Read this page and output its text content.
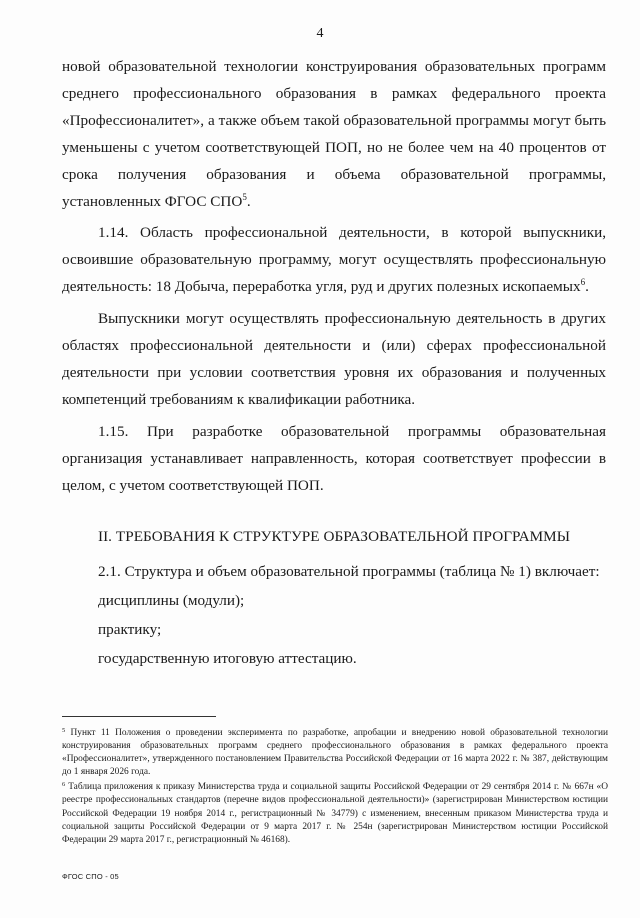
4

новой образовательной технологии конструирования образовательных программ среднего профессионального образования в рамках федерального проекта «Профессионалитет», а также объем такой образовательной программы могут быть уменьшены с учетом соответствующей ПОП, но не более чем на 40 процентов от срока получения образования и объема образовательной программы, установленных ФГОС СПО$^5$.

1.14. Область профессиональной деятельности, в которой выпускники, освоившие образовательную программу, могут осуществлять профессиональную деятельность: 18 Добыча, переработка угля, руд и других полезных ископаемых$^6$.

Выпускники могут осуществлять профессиональную деятельность в других областях профессиональной деятельности и (или) сферах профессиональной деятельности при условии соответствия уровня их образования и полученных компетенций требованиям к квалификации работника.

1.15. При разработке образовательной программы образовательная организация устанавливает направленность, которая соответствует профессии в целом, с учетом соответствующей ПОП.

II. ТРЕБОВАНИЯ К СТРУКТУРЕ ОБРАЗОВАТЕЛЬНОЙ ПРОГРАММЫ

2.1. Структура и объем образовательной программы (таблица № 1) включает:

дисциплины (модули);

практику;

государственную итоговую аттестацию.

$^5$ Пункт 11 Положения о проведении эксперимента по разработке, апробации и внедрению новой образовательной технологии конструирования образовательных программ среднего профессионального образования в рамках федерального проекта «Профессионалитет», утвержденного постановлением Правительства Российской Федерации от 16 марта 2022 г. № 387, действующим до 1 января 2026 года.

$^6$ Таблица приложения к приказу Министерства труда и социальной защиты Российской Федерации от 29 сентября 2014 г. № 667н «О реестре профессиональных стандартов (перечне видов профессиональной деятельности)» (зарегистрирован Министерством юстиции Российской Федерации 19 ноября 2014 г., регистрационный № 34779) с изменением, внесенным приказом Министерства труда и социальной защиты Российской Федерации от 9 марта 2017 г. № 254н (зарегистрирован Министерством юстиции Российской Федерации 29 марта 2017 г., регистрационный № 46168).

ФГОС СПО - 05
